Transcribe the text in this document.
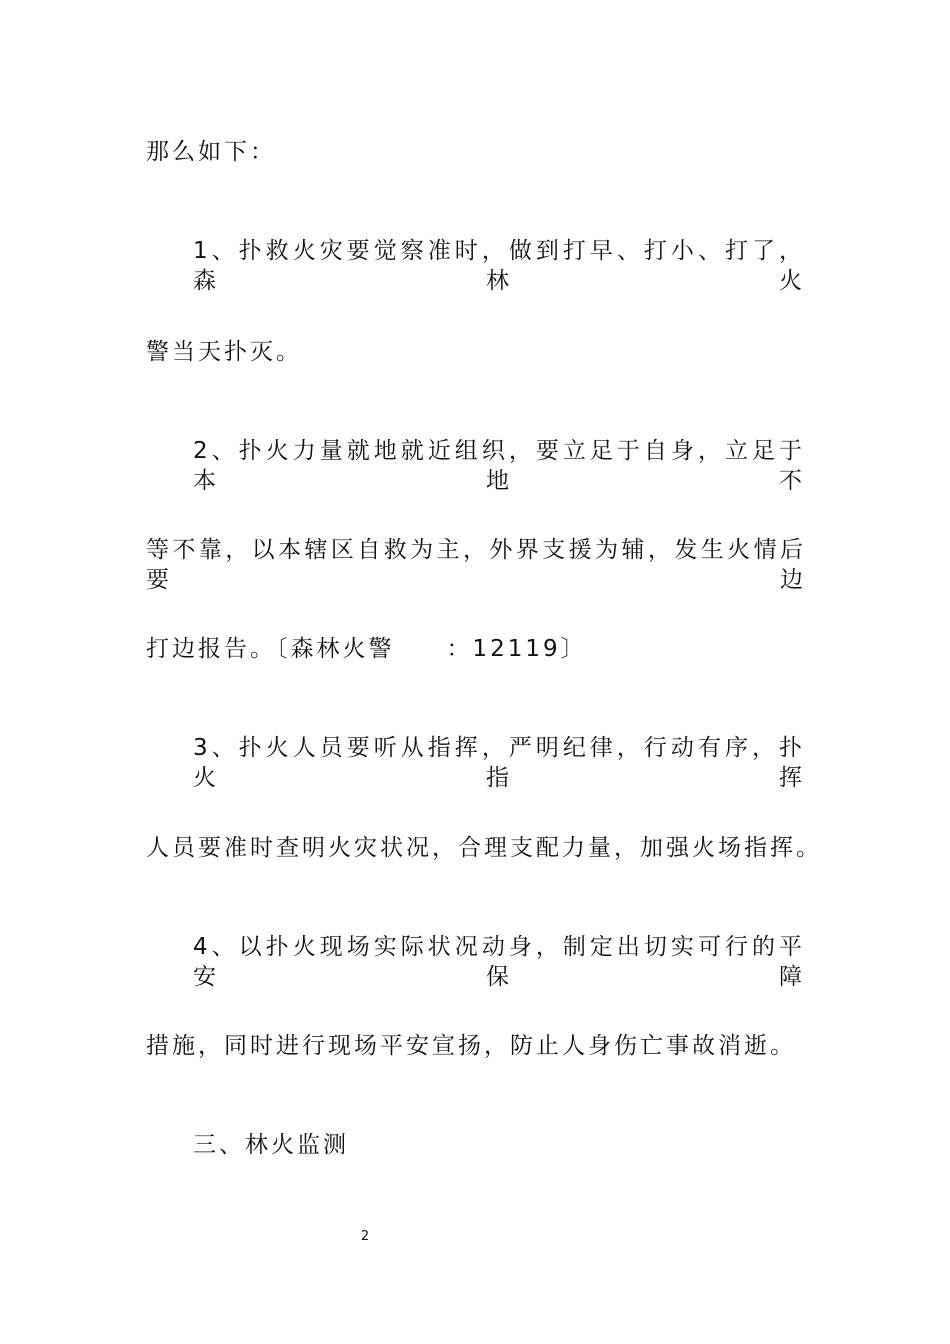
那么如下：
1、扑救火灾要觉察准时，做到打早、打小、打了，森林火
警当天扑灭。
2、扑火力量就地就近组织，要立足于自身，立足于本地不
等不靠，以本辖区自救为主，外界支援为辅，发生火情后要边
打边报告。〔森林火警　　：12119〕
3、扑火人员要听从指挥，严明纪律，行动有序，扑火指挥
人员要准时查明火灾状况，合理支配力量，加强火场指挥。
4、以扑火现场实际状况动身，制定出切实可行的平安保障
措施，同时进行现场平安宣扬，防止人身伤亡事故消逝。
三、林火监测
2
